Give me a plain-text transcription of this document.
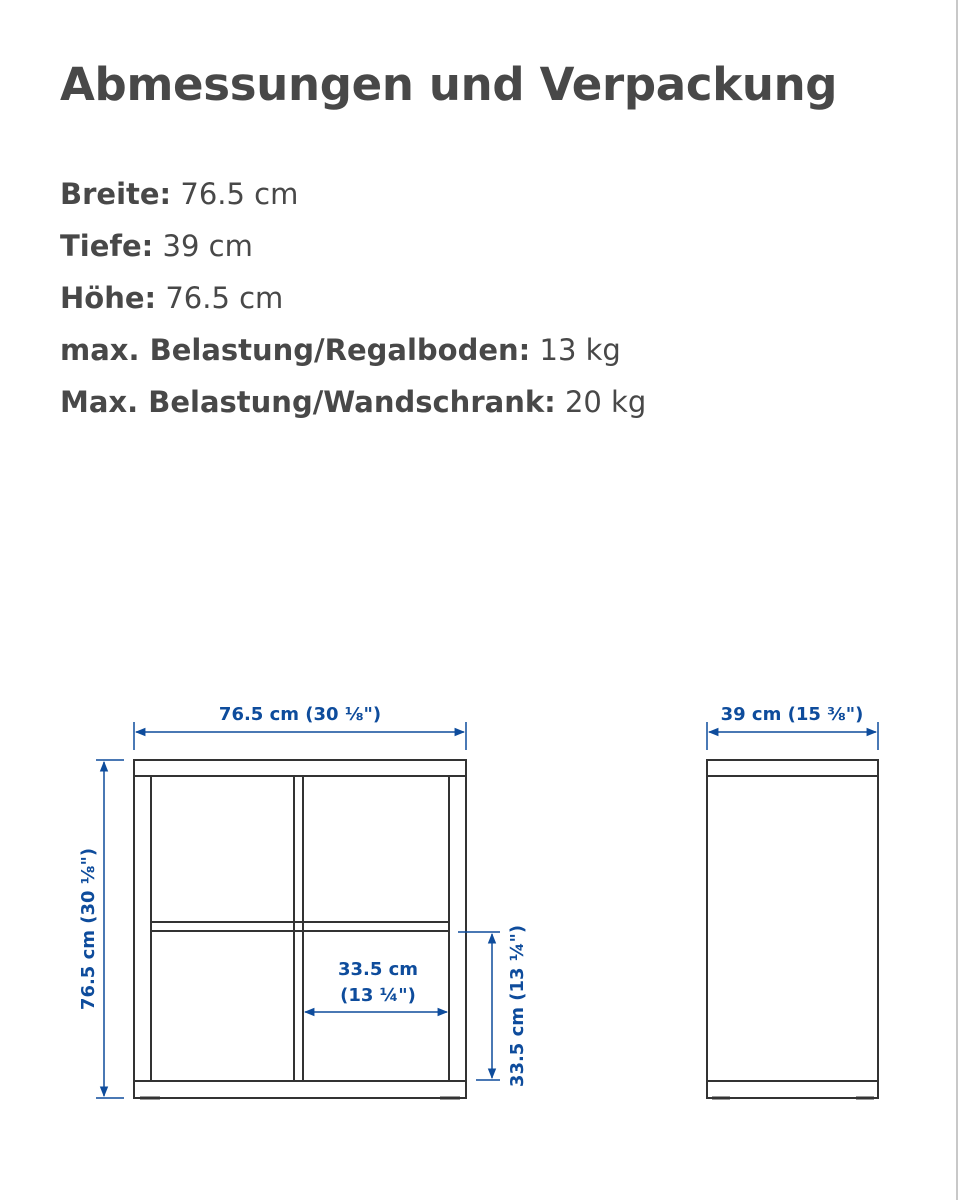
Abmessungen und Verpackung
Breite: 76.5 cm
Tiefe: 39 cm
Höhe: 76.5 cm
max. Belastung/Regalboden: 13 kg
Max. Belastung/Wandschrank: 20 kg
76.5 cm (30 ⅛")
76.5 cm (30 ⅛")	33.5 cm
(13 ¼")	33.5 cm (13 ¼")
39 cm (15 ⅜")
